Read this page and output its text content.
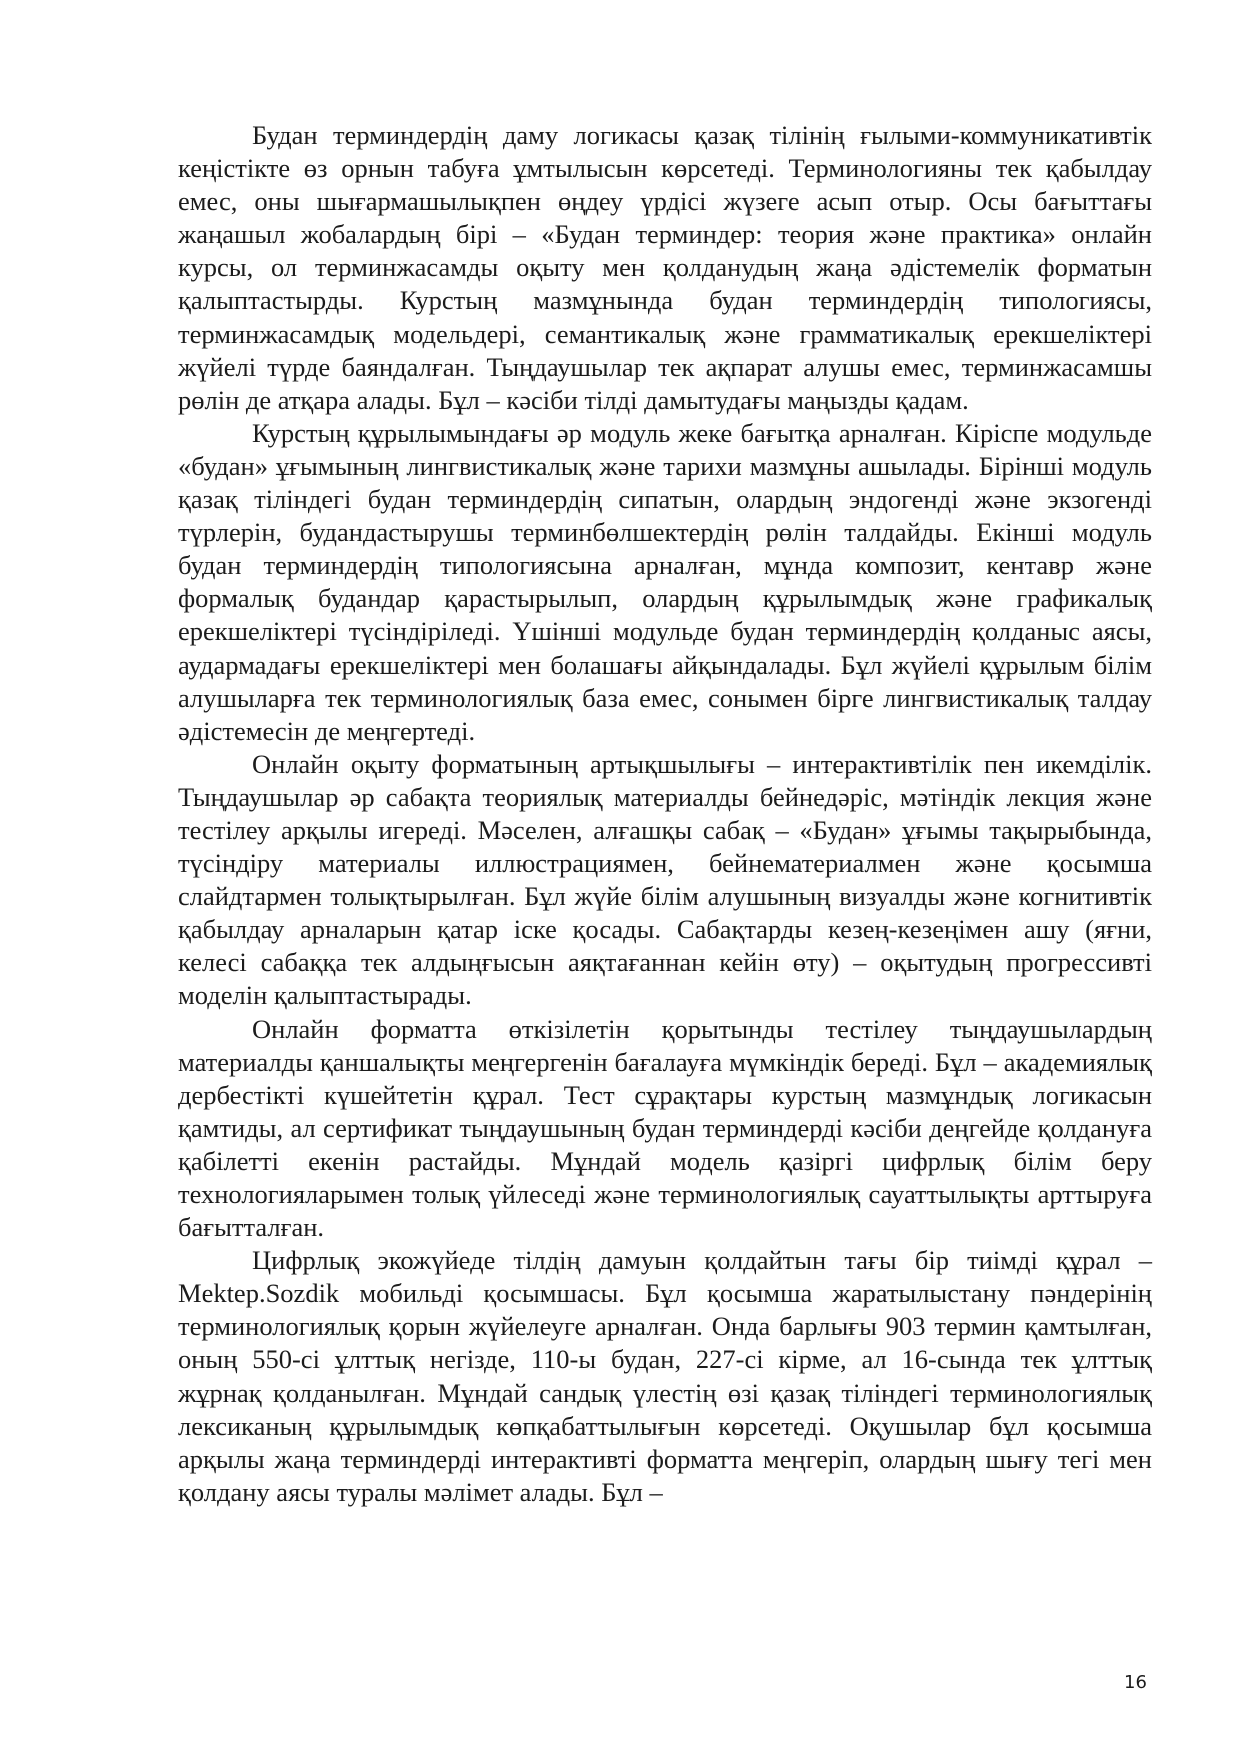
Будан терминдердің даму логикасы қазақ тілінің ғылыми-коммуникативтік кеңістікте өз орнын табуға ұмтылысын көрсетеді. Терминологияны тек қабылдау емес, оны шығармашылықпен өңдеу үрдісі жүзеге асып отыр. Осы бағыттағы жаңашыл жобалардың бірі – «Будан терминдер: теория және практика» онлайн курсы, ол терминжасамды оқыту мен қолданудың жаңа әдістемелік форматын қалыптастырды. Курстың мазмұнында будан терминдердің типологиясы, терминжасамдық модельдері, семантикалық және грамматикалық ерекшеліктері жүйелі түрде баяндалған. Тыңдаушылар тек ақпарат алушы емес, терминжасамшы рөлін де атқара алады. Бұл – кәсіби тілді дамытудағы маңызды қадам.

Курстың құрылымындағы әр модуль жеке бағытқа арналған. Кіріспе модульде «будан» ұғымының лингвистикалық және тарихи мазмұны ашылады. Бірінші модуль қазақ тіліндегі будан терминдердің сипатын, олардың эндогенді және экзогенді түрлерін, будандастырушы терминбөлшектердің рөлін талдайды. Екінші модуль будан терминдердің типологиясына арналған, мұнда композит, кентавр және формалық будандар қарастырылып, олардың құрылымдық және графикалық ерекшеліктері түсіндіріледі. Үшінші модульде будан терминдердің қолданыс аясы, аудармадағы ерекшеліктері мен болашағы айқындалады. Бұл жүйелі құрылым білім алушыларға тек терминологиялық база емес, сонымен бірге лингвистикалық талдау әдістемесін де меңгертеді.

Онлайн оқыту форматының артықшылығы – интерактивтілік пен икемділік. Тыңдаушылар әр сабақта теориялық материалды бейнедәріс, мәтіндік лекция және тестілеу арқылы игереді. Мәселен, алғашқы сабақ – «Будан» ұғымы тақырыбында, түсіндіру материалы иллюстрациямен, бейнематериалмен және қосымша слайдтармен толықтырылған. Бұл жүйе білім алушының визуалды және когнитивтік қабылдау арналарын қатар іске қосады. Сабақтарды кезең-кезеңімен ашу (яғни, келесі сабаққа тек алдыңғысын аяқтағаннан кейін өту) – оқытудың прогрессивті моделін қалыптастырады.

Онлайн форматта өткізілетін қорытынды тестілеу тыңдаушылардың материалды қаншалықты меңгергенін бағалауға мүмкіндік береді. Бұл – академиялық дербестікті күшейтетін құрал. Тест сұрақтары курстың мазмұндық логикасын қамтиды, ал сертификат тыңдаушының будан терминдерді кәсіби деңгейде қолдануға қабілетті екенін растайды. Мұндай модель қазіргі цифрлық білім беру технологияларымен толық үйлеседі және терминологиялық сауаттылықты арттыруға бағытталған.

Цифрлық экожүйеде тілдің дамуын қолдайтын тағы бір тиімді құрал – Mektep.Sozdik мобильді қосымшасы. Бұл қосымша жаратылыстану пәндерінің терминологиялық қорын жүйелеуге арналған. Онда барлығы 903 термин қамтылған, оның 550-сі ұлттық негізде, 110-ы будан, 227-сі кірме, ал 16-сында тек ұлттық жұрнақ қолданылған. Мұндай сандық үлестің өзі қазақ тіліндегі терминологиялық лексиканың құрылымдық көпқабаттылығын көрсетеді. Оқушылар бұл қосымша арқылы жаңа терминдерді интерактивті форматта меңгеріп, олардың шығу тегі мен қолдану аясы туралы мәлімет алады. Бұл –

16
